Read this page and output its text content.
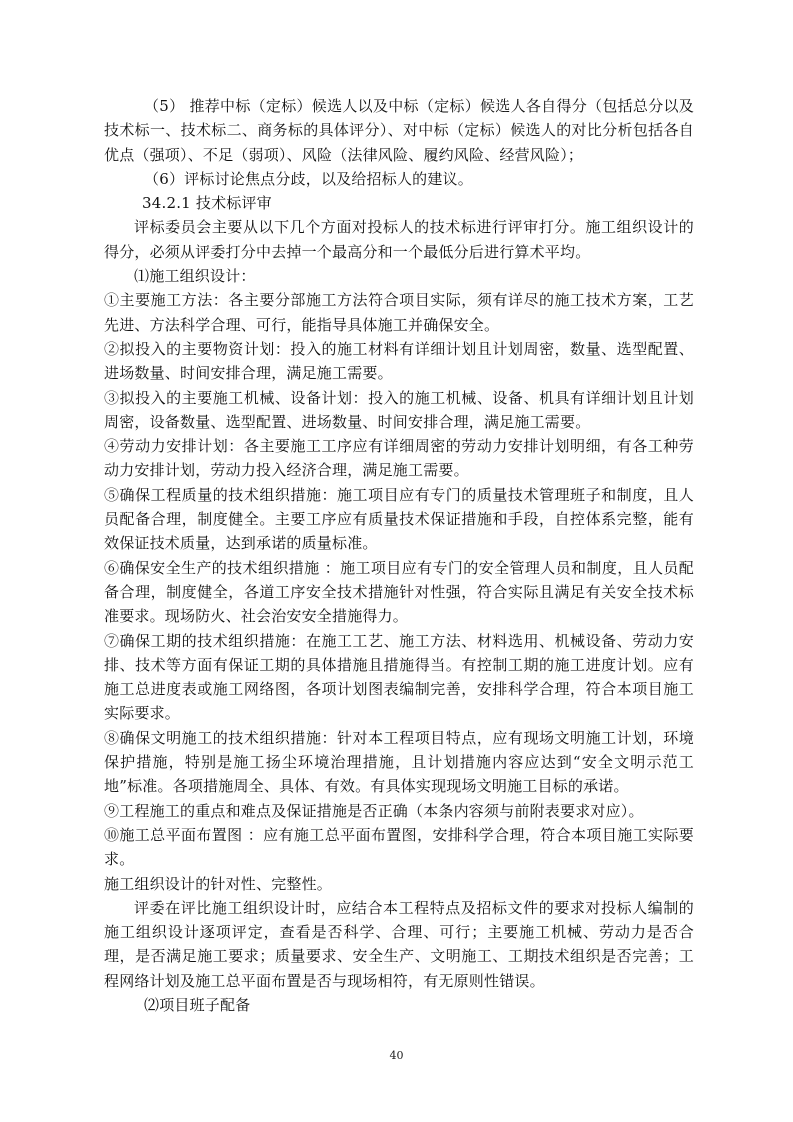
（5） 推荐中标（定标）候选人以及中标（定标）候选人各自得分（包括总分以及技术标一、技术标二、商务标的具体评分）、对中标（定标）候选人的对比分析包括各自优点（强项）、不足（弱项）、风险（法律风险、履约风险、经营风险）；

（6）评标讨论焦点分歧，以及给招标人的建议。

34.2.1 技术标评审

评标委员会主要从以下几个方面对投标人的技术标进行评审打分。施工组织设计的得分，必须从评委打分中去掉一个最高分和一个最低分后进行算术平均。

⑴施工组织设计：

①主要施工方法：各主要分部施工方法符合项目实际，须有详尽的施工技术方案，工艺先进、方法科学合理、可行，能指导具体施工并确保安全。

②拟投入的主要物资计划：投入的施工材料有详细计划且计划周密，数量、选型配置、进场数量、时间安排合理，满足施工需要。

③拟投入的主要施工机械、设备计划：投入的施工机械、设备、机具有详细计划且计划周密，设备数量、选型配置、进场数量、时间安排合理，满足施工需要。

④劳动力安排计划：各主要施工工序应有详细周密的劳动力安排计划明细，有各工种劳动力安排计划，劳动力投入经济合理，满足施工需要。

⑤确保工程质量的技术组织措施：施工项目应有专门的质量技术管理班子和制度，且人员配备合理，制度健全。主要工序应有质量技术保证措施和手段，自控体系完整，能有效保证技术质量，达到承诺的质量标准。

⑥确保安全生产的技术组织措施 ：施工项目应有专门的安全管理人员和制度，且人员配备合理，制度健全，各道工序安全技术措施针对性强，符合实际且满足有关安全技术标准要求。现场防火、社会治安安全措施得力。

⑦确保工期的技术组织措施：在施工工艺、施工方法、材料选用、机械设备、劳动力安排、技术等方面有保证工期的具体措施且措施得当。有控制工期的施工进度计划。应有施工总进度表或施工网络图，各项计划图表编制完善，安排科学合理，符合本项目施工实际要求。

⑧确保文明施工的技术组织措施：针对本工程项目特点，应有现场文明施工计划，环境保护措施，特别是施工扬尘环境治理措施，且计划措施内容应达到“安全文明示范工地”标准。各项措施周全、具体、有效。有具体实现现场文明施工目标的承诺。

⑨工程施工的重点和难点及保证措施是否正确（本条内容须与前附表要求对应）。

⑩施工总平面布置图 ：应有施工总平面布置图，安排科学合理，符合本项目施工实际要求。

施工组织设计的针对性、完整性。

评委在评比施工组织设计时，应结合本工程特点及招标文件的要求对投标人编制的施工组织设计逐项评定，查看是否科学、合理、可行；主要施工机械、劳动力是否合理，是否满足施工要求；质量要求、安全生产、文明施工、工期技术组织是否完善；工程网络计划及施工总平面布置是否与现场相符，有无原则性错误。

⑵项目班子配备

40
